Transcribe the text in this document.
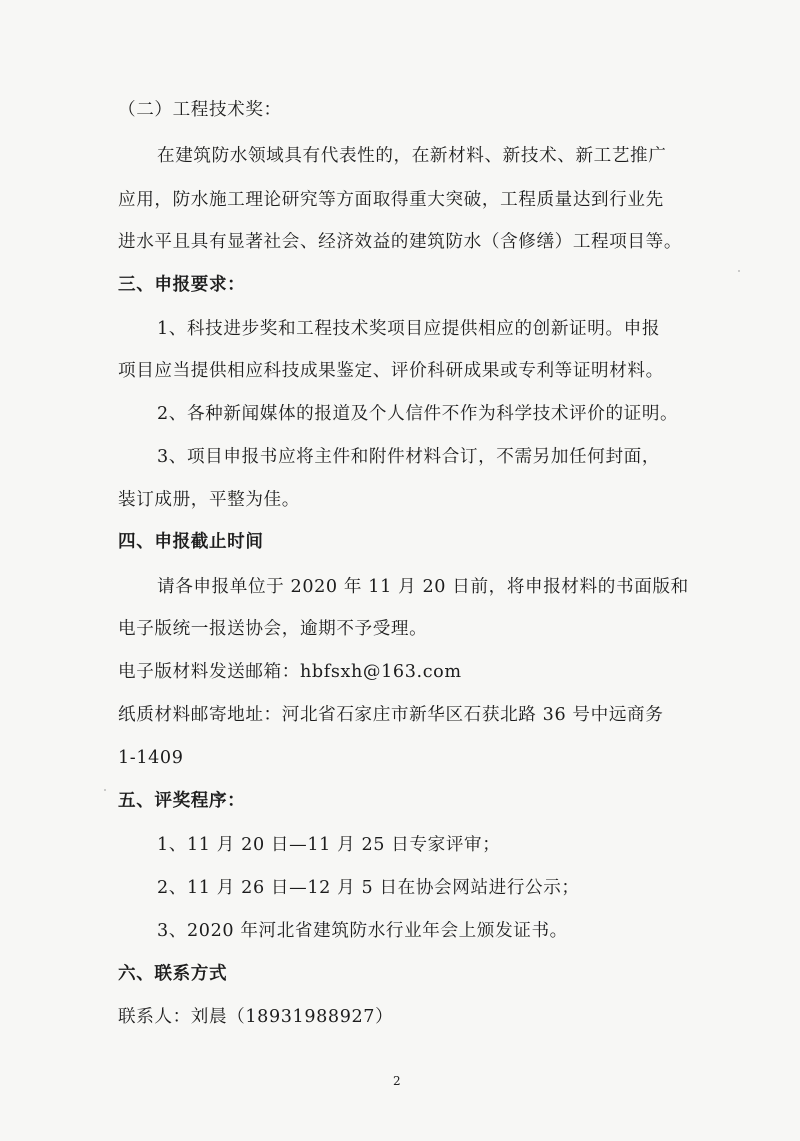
（二）工程技术奖：
在建筑防水领域具有代表性的，在新材料、新技术、新工艺推广
应用，防水施工理论研究等方面取得重大突破，工程质量达到行业先
进水平且具有显著社会、经济效益的建筑防水（含修缮）工程项目等。
三、申报要求：
1、科技进步奖和工程技术奖项目应提供相应的创新证明。申报
项目应当提供相应科技成果鉴定、评价科研成果或专利等证明材料。
2、各种新闻媒体的报道及个人信件不作为科学技术评价的证明。
3、项目申报书应将主件和附件材料合订，不需另加任何封面，
装订成册，平整为佳。
四、申报截止时间
请各申报单位于 2020 年 11 月 20 日前，将申报材料的书面版和
电子版统一报送协会，逾期不予受理。
电子版材料发送邮箱：hbfsxh@163.com
纸质材料邮寄地址：河北省石家庄市新华区石获北路 36 号中远商务
1-1409
五、评奖程序：
1、11 月 20 日—11 月 25 日专家评审；
2、11 月 26 日—12 月 5 日在协会网站进行公示；
3、2020 年河北省建筑防水行业年会上颁发证书。
六、联系方式
联系人：刘晨（18931988927）
2
